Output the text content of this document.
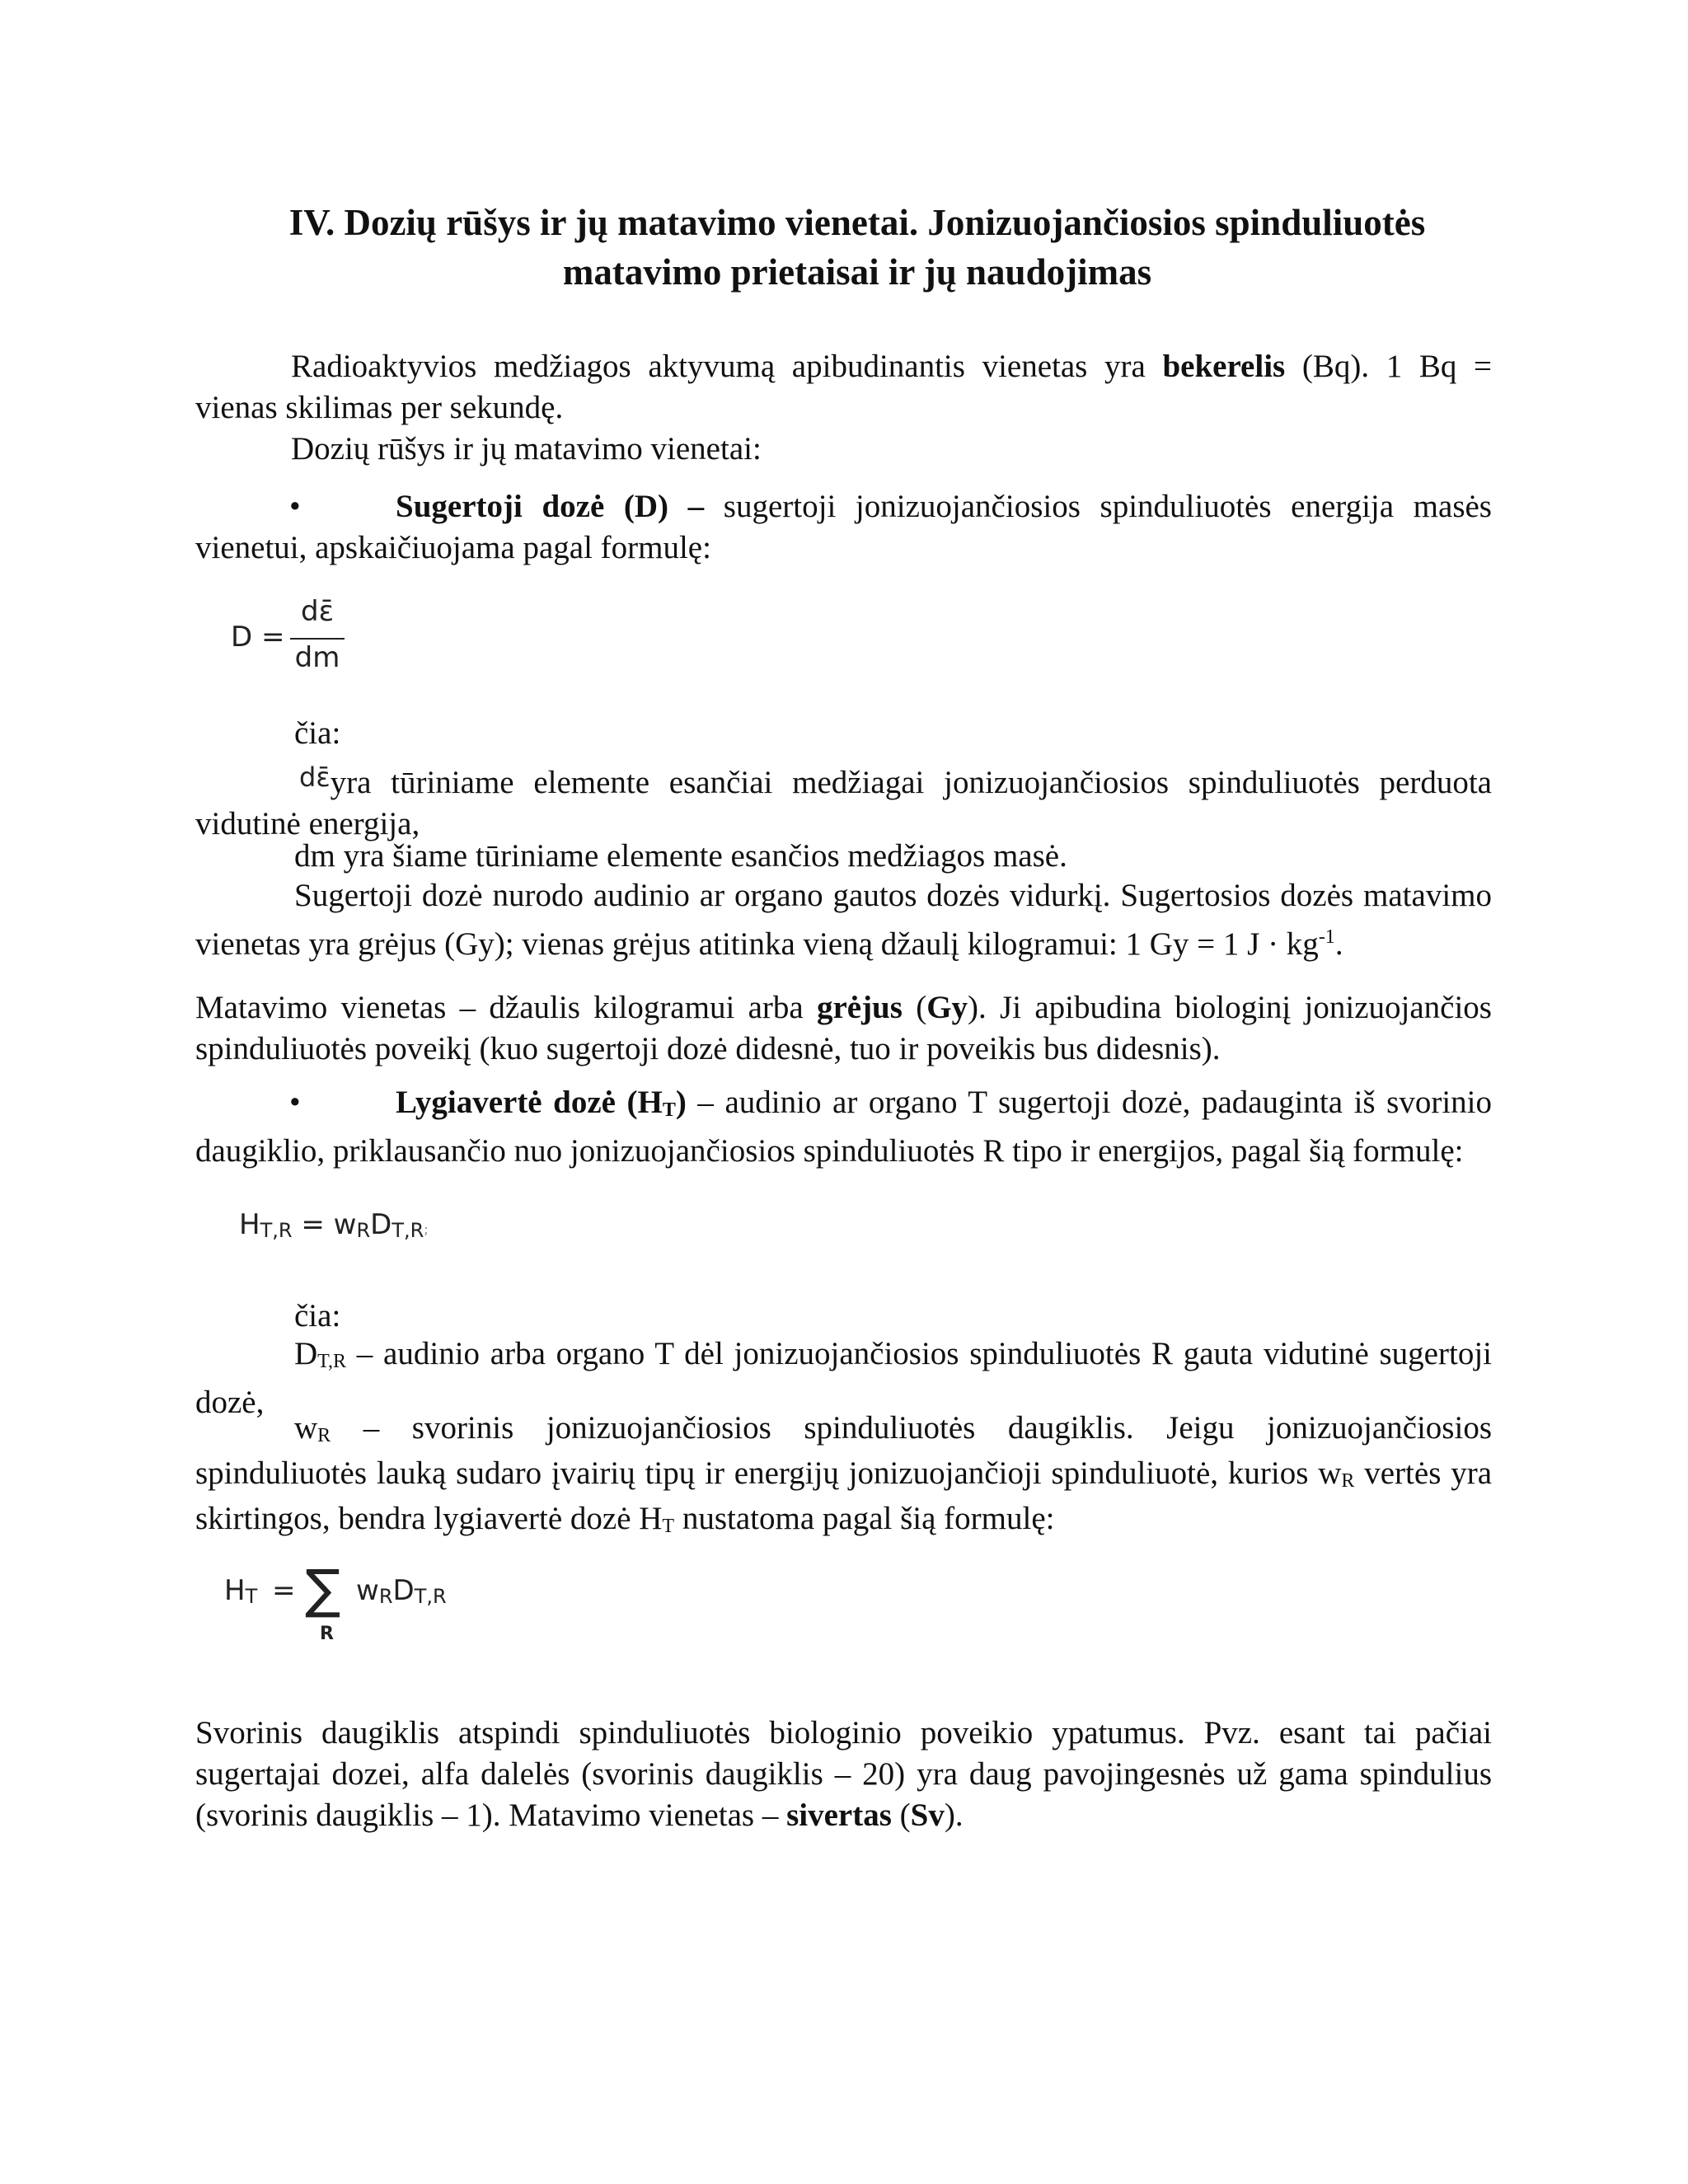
IV. Dozių rūšys ir jų matavimo vienetai. Jonizuojančiosios spinduliuotės
matavimo prietaisai ir jų naudojimas
Radioaktyvios medžiagos aktyvumą apibudinantis vienetas yra bekerelis (Bq). 1 Bq = vienas skilimas per sekundę.
Dozių rūšys ir jų matavimo vienetai:
•	Sugertoji dozė (D) – sugertoji jonizuojančiosios spinduliuotės energija masės vienetui, apskaičiuojama pagal formulę:
D =
dε̄
dm
čia:
$^{d\varepsilon̄}$yra tūriniame elemente esančiai medžiagai jonizuojančiosios spinduliuotės perduota vidutinė energija,
dm yra šiame tūriniame elemente esančios medžiagos masė.
Sugertoji dozė nurodo audinio ar organo gautos dozės vidurkį. Sugertosios dozės matavimo vienetas yra grėjus (Gy); vienas grėjus atitinka vieną džaulį kilogramui: 1 Gy = 1 $J \cdot kg^{-1}$.
Matavimo vienetas – džaulis kilogramui arba grėjus (Gy). Ji apibudina biologinį jonizuojančios spinduliuotės poveikį (kuo sugertoji dozė didesnė, tuo ir poveikis bus didesnis).
•	Lygiavertė dozė $(H_T)$ – audinio ar organo T sugertoji dozė, padauginta iš svorinio daugiklio, priklausančio nuo jonizuojančiosios spinduliuotės R tipo ir energijos, pagal šią formulę:
$H_{T,R} = w_RD_{T,R}$;
čia:
$D_{T,R}$ – audinio arba organo T dėl jonizuojančiosios spinduliuotės R gauta vidutinė sugertoji dozė,
$w_R$ – svorinis jonizuojančiosios spinduliuotės daugiklis. Jeigu jonizuojančiosios spinduliuotės lauką sudaro įvairių tipų ir energijų jonizuojančioji spinduliuotė, kurios $w_R$ vertės yra skirtingos, bendra lygiavertė dozė $H_T$ nustatoma pagal šią formulę:
$H_T$ = ∑
R
$w_RD_{T,R}$
Svorinis daugiklis atspindi spinduliuotės biologinio poveikio ypatumus. Pvz. esant tai pačiai sugertajai dozei, alfa dalelės (svorinis daugiklis – 20) yra daug pavojingesnės už gama spindulius (svorinis daugiklis – 1). Matavimo vienetas – sivertas (Sv).
